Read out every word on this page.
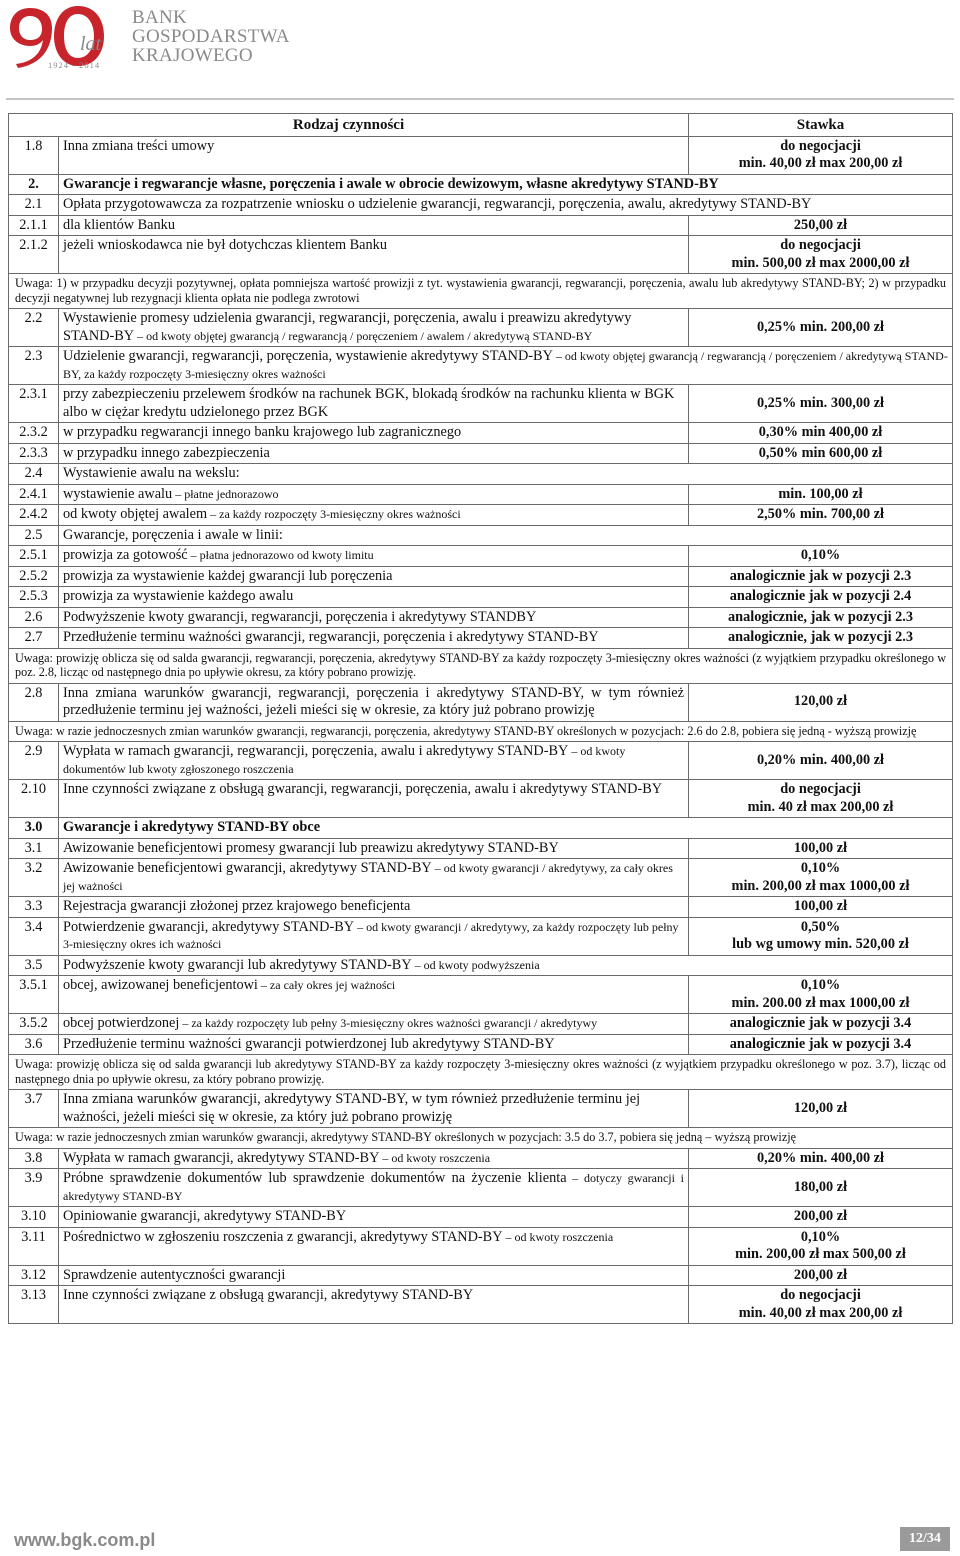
lat
1924 - 2014
BANK
GOSPODARSTWA
KRAJOWEGO
Rodzaj czynności		Stawka
1.8	Inna zmiana treści umowy	do negocjacji
min. 40,00 zł max 200,00 zł

2.	Gwarancje i regwarancje własne, poręczenia i awale w obrocie dewizowym, własne akredytywy STAND-BY	
2.1	Opłata przygotowawcza za rozpatrzenie wniosku o udzielenie gwarancji, regwarancji, poręczenia, awalu, akredytywy STAND-BY	
2.1.1	dla klientów Banku	250,00 zł

2.1.2	jeżeli wnioskodawca nie był dotychczas klientem Banku	do negocjacji
min. 500,00 zł max 2000,00 zł

Uwaga: 1) w przypadku decyzji pozytywnej, opłata pomniejsza wartość prowizji z tyt. wystawienia gwarancji, regwarancji, poręczenia, awalu lub akredytywy STAND-BY; 2) w przypadku decyzji negatywnej lub rezygnacji klienta opłata nie podlega zwrotowi		
2.2	Wystawienie promesy udzielenia gwarancji, regwarancji, poręczenia, awalu i preawizu akredytywy STAND-BY – od kwoty objętej gwarancją / regwarancją / poręczeniem / awalem / akredytywą STAND-BY	0,25% min. 200,00 zł

2.3	Udzielenie gwarancji, regwarancji, poręczenia, wystawienie akredytywy STAND-BY – od kwoty objętej gwarancją / regwarancją / poręczeniem / akredytywą STAND-BY, za każdy rozpoczęty 3-miesięczny okres ważności	
2.3.1	przy zabezpieczeniu przelewem środków na rachunek BGK, blokadą środków na rachunku klienta w BGK albo w ciężar kredytu udzielonego przez BGK	0,25% min. 300,00 zł

2.3.2	w przypadku regwarancji innego banku krajowego lub zagranicznego	0,30% min 400,00 zł

2.3.3	w przypadku innego zabezpieczenia	0,50% min 600,00 zł

2.4	Wystawienie awalu na wekslu:	
2.4.1	wystawienie awalu – płatne jednorazowo	min. 100,00 zł

2.4.2	od kwoty objętej awalem – za każdy rozpoczęty 3-miesięczny okres ważności	2,50% min. 700,00 zł

2.5	Gwarancje, poręczenia i awale w linii:	
2.5.1	prowizja za gotowość – płatna jednorazowo od kwoty limitu	0,10%

2.5.2	prowizja za wystawienie każdej gwarancji lub poręczenia	analogicznie jak w pozycji 2.3

2.5.3	prowizja za wystawienie każdego awalu	analogicznie jak w pozycji 2.4

2.6	Podwyższenie kwoty gwarancji, regwarancji, poręczenia i akredytywy STANDBY	analogicznie, jak w pozycji 2.3

2.7	Przedłużenie terminu ważności gwarancji, regwarancji, poręczenia i akredytywy STAND-BY	analogicznie, jak w pozycji 2.3

Uwaga: prowizję oblicza się od salda gwarancji, regwarancji, poręczenia, akredytywy STAND-BY za każdy rozpoczęty 3-miesięczny okres ważności (z wyjątkiem przypadku określonego w poz. 2.8, licząc od następnego dnia po upływie okresu, za który pobrano prowizję.		
2.8	Inna zmiana warunków gwarancji, regwarancji, poręczenia i akredytywy STAND-BY, w tym również przedłużenie terminu jej ważności, jeżeli mieści się w okresie, za który już pobrano prowizję	120,00 zł

Uwaga: w razie jednoczesnych zmian warunków gwarancji, regwarancji, poręczenia, akredytywy STAND-BY określonych w pozycjach: 2.6 do 2.8, pobiera się jedną - wyższą prowizję		
2.9	Wypłata w ramach gwarancji, regwarancji, poręczenia, awalu i akredytywy STAND-BY – od kwoty dokumentów lub kwoty zgłoszonego roszczenia	0,20% min. 400,00 zł

2.10	Inne czynności związane z obsługą gwarancji, regwarancji, poręczenia, awalu i akredytywy STAND-BY	do negocjacji
min. 40 zł max 200,00 zł

3.0	Gwarancje i akredytywy STAND-BY obce	
3.1	Awizowanie beneficjentowi promesy gwarancji lub preawizu akredytywy STAND-BY	100,00 zł

3.2	Awizowanie beneficjentowi gwarancji, akredytywy STAND-BY – od kwoty gwarancji / akredytywy, za cały okres jej ważności	0,10%
min. 200,00 zł max 1000,00 zł

3.3	Rejestracja gwarancji złożonej przez krajowego beneficjenta	100,00 zł

3.4	Potwierdzenie gwarancji, akredytywy STAND-BY – od kwoty gwarancji / akredytywy, za każdy rozpoczęty lub pełny 3-miesięczny okres ich ważności	0,50%
lub wg umowy min. 520,00 zł

3.5	Podwyższenie kwoty gwarancji lub akredytywy STAND-BY – od kwoty podwyższenia	
3.5.1	obcej, awizowanej beneficjentowi – za cały okres jej ważności	0,10%
min. 200.00 zł max 1000,00 zł

3.5.2	obcej potwierdzonej – za każdy rozpoczęty lub pełny 3-miesięczny okres ważności gwarancji / akredytywy	analogicznie jak w pozycji 3.4

3.6	Przedłużenie terminu ważności gwarancji potwierdzonej lub akredytywy STAND-BY	analogicznie jak w pozycji 3.4

Uwaga: prowizję oblicza się od salda gwarancji lub akredytywy STAND-BY za każdy rozpoczęty 3-miesięczny okres ważności (z wyjątkiem przypadku określonego w poz. 3.7), licząc od następnego dnia po upływie okresu, za który pobrano prowizję.		
3.7	Inna zmiana warunków gwarancji, akredytywy STAND-BY, w tym również przedłużenie terminu jej ważności, jeżeli mieści się w okresie, za który już pobrano prowizję	120,00 zł

Uwaga: w razie jednoczesnych zmian warunków gwarancji, akredytywy STAND-BY określonych w pozycjach: 3.5 do 3.7, pobiera się jedną – wyższą prowizję		
3.8	Wypłata w ramach gwarancji, akredytywy STAND-BY – od kwoty roszczenia	0,20% min. 400,00 zł

3.9	Próbne sprawdzenie dokumentów lub sprawdzenie dokumentów na życzenie klienta – dotyczy gwarancji i akredytywy STAND-BY	180,00 zł

3.10	Opiniowanie gwarancji, akredytywy STAND-BY	200,00 zł

3.11	Pośrednictwo w zgłoszeniu roszczenia z gwarancji, akredytywy STAND-BY – od kwoty roszczenia	0,10%
min. 200,00 zł max 500,00 zł

3.12	Sprawdzenie autentyczności gwarancji	200,00 zł

3.13	Inne czynności związane z obsługą gwarancji, akredytywy STAND-BY	do negocjacji
min. 40,00 zł max 200,00 zł
www.bgk.com.pl	12/34
